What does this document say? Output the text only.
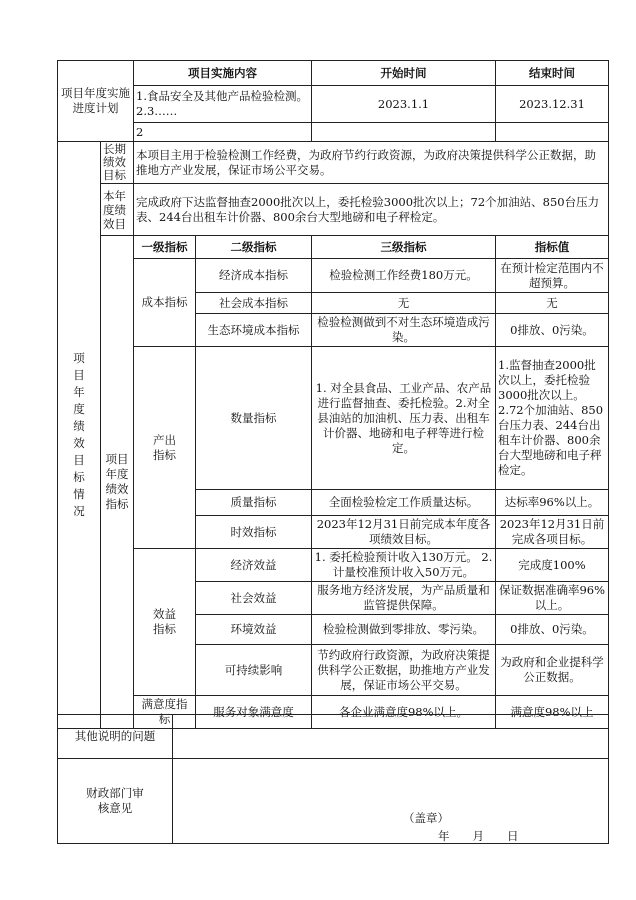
项目年度实施进度计划		项目实施内容		开始时间	结束时间
		1.食品安全及其他产品检验检测。2.3……		2023.1.1	2023.12.31
		2			
项目年度绩效目标情况	长期绩效目标	本项目主用于检验检测工作经费，为政府节约行政资源，为政府决策提供科学公正数据，助推地方产业发展，保证市场公平交易。			
	本年度绩效目	完成政府下达监督抽查2000批次以上，委托检验3000批次以上；72个加油站、850台压力表、244台出租车计价器、800余台大型地磅和电子秤检定。			
	项目年度绩效指标	一级指标	二级指标	三级指标	指标值
		成本指标	经济成本指标	检验检测工作经费180万元。	在预计检定范围内不超预算。
			社会成本指标	无	无
			生态环境成本指标	检验检测做到不对生态环境造成污染。	0排放、0污染。
		产出指标	数量指标	1. 对全县食品、工业产品、农产品进行监督抽查、委托检验。2.对全县油站的加油机、压力表、出租车计价器、地磅和电子秤等进行检定。	1.监督抽查2000批次以上，委托检验3000批次以上。 2.72个加油站、850台压力表、244台出租车计价器、800余台大型地磅和电子秤检定。
			质量指标	全面检验检定工作质量达标。	达标率96%以上。
			时效指标	2023年12月31日前完成本年度各项绩效目标。	2023年12月31日前完成各项目标。
		效益指标	经济效益	1. 委托检验预计收入130万元。 2.计量校准预计收入50万元。	完成度100%
			社会效益	服务地方经济发展，为产品质量和监管提供保障。	保证数据准确率96%以上。
			环境效益	检验检测做到零排放、零污染。	0排放、0污染。
			可持续影响	节约政府行政资源，为政府决策提供科学公正数据，助推地方产业发展，保证市场公平交易。	为政府和企业提科学公正数据。
		满意度指标	服务对象满意度	各企业满意度98%以上。	满意度98%以上
其他说明的问题	
财政部门审核意见	（盖章）
年　　月　　日
